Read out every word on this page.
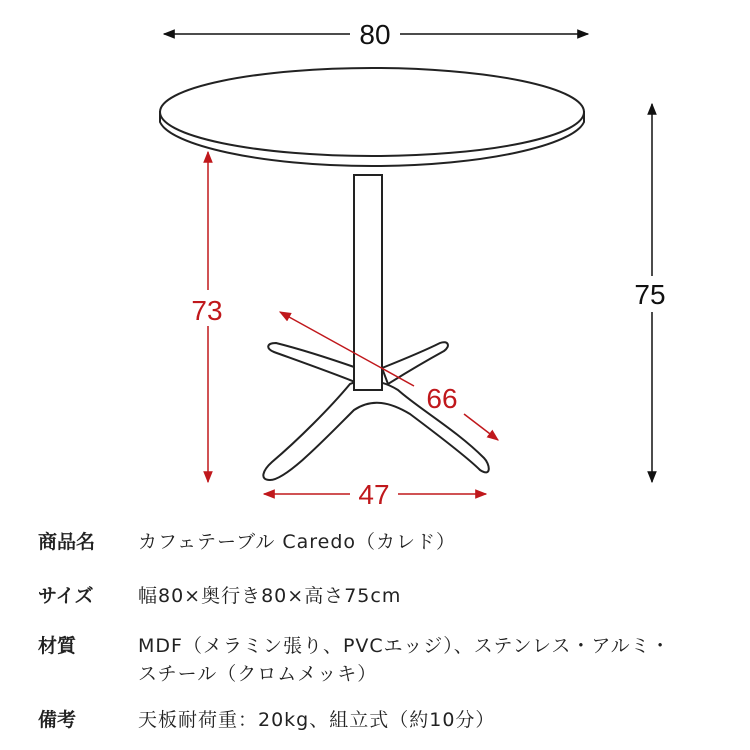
80
75
73
66
47
商品名	カフェテーブル Caredo（カレド）
サイズ	幅80×奥行き80×高さ75cm
材質	MDF（メラミン張り、PVCエッジ）、ステンレス・アルミ・
スチール（クロムメッキ）
備考	天板耐荷重：20kg、組立式（約10分）
